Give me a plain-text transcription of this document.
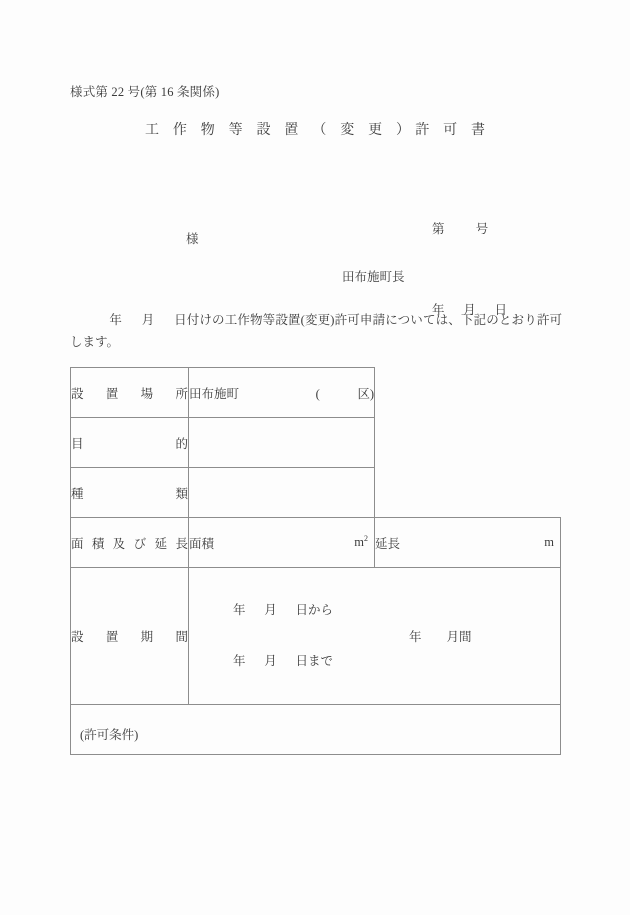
様式第 22 号(第 16 条関係)
工 作 物 等 設 置 （ 変 更 ）許 可 書

第          号

年      月      日

様
田布施町長
年      月      日付けの工作物等設置(変更)許可申請については、下記のとおり許可します。
設 置 場 所	田布施町 (            区)	

目 的		

種 類		

面 積 及 び 延 長	面積	$m^2$	延長	m

設 置 期 間	年      月      日から

年      月      日まで

年        月間	

(許可条件)		
